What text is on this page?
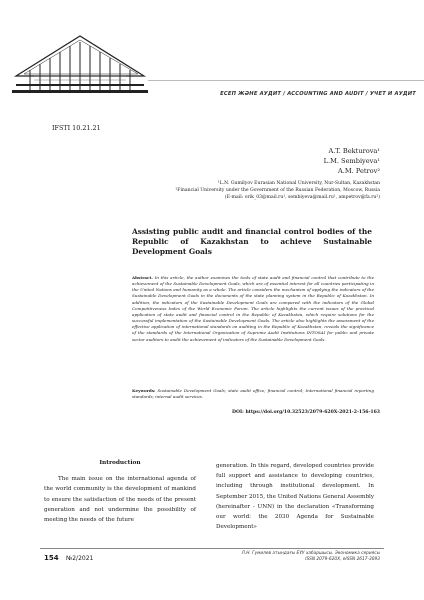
ЕСЕП ЖӘНЕ АУДИТ / ACCOUNTING AND AUDIT / УЧЕТ И АУДИТ
IFSTI 10.21.21
A.T. Bekturova¹
L.M. Sembiyeva¹
A.M. Petrov²
¹L.N. Gumilyov Eurasian National University, Nur-Sultan, Kazakhstan
²Financial University under the Government of the Russian Federation, Moscow, Russia
(E-mail: orik_03@mail.ru¹, sembiyeva@mail.ru¹, ampetrov@fa.ru²)
Assisting public audit and financial control bodies of the Republic of Kazakhstan to achieve Sustainable Development Goals
Abstract. In this article, the author examines the tools of state audit and financial control that contribute to the achievement of the Sustainable Development Goals, which are of essential interest for all countries participating in the United Nations and humanity as a whole. The article considers the mechanism of applying the indicators of the Sustainable Development Goals in the documents of the state planning system in the Republic of Kazakhstan. In addition, the indicators of the Sustainable Development Goals are compared with the indicators of the Global Competitiveness Index of the World Economic Forum. The article highlights the current issues of the practical application of state audit and financial control in the Republic of Kazakhstan, which require solutions for the successful implementation of the Sustainable Development Goals. The article also highlights the assessment of the effective application of international standards on auditing in the Republic of Kazakhstan, reveals the significance of the standards of the International Organization of Supreme Audit Institutions INTOSAI for public and private sector auditors to audit the achievement of indicators of the Sustainable Development Goals.
Keywords: Sustainable Development Goals; state audit office; financial control; International financial reporting standards; internal audit services.
DOI: https://doi.org/10.32523/2079-620X-2021-2-156-163
Introduction

The main issue on the international agenda of the world community is the development of mankind to ensure the satisfaction of the needs of the present generation and not undermine the possibility of meeting the needs of the future

generation. In this regard, developed countries provide full support and assistance to developing countries, including through institutional development. In September 2015, the United Nations General Assembly (hereinafter - UNN) in the declaration «Transforming our world: the 2030 Agenda for Sustainable Development»

154 №2/2021
Л.Н. Гумилев атындағы ЕҰУ хабаршысы. Экономика сериясы
ISSN 2079-620X, eISSN 2617-3093
